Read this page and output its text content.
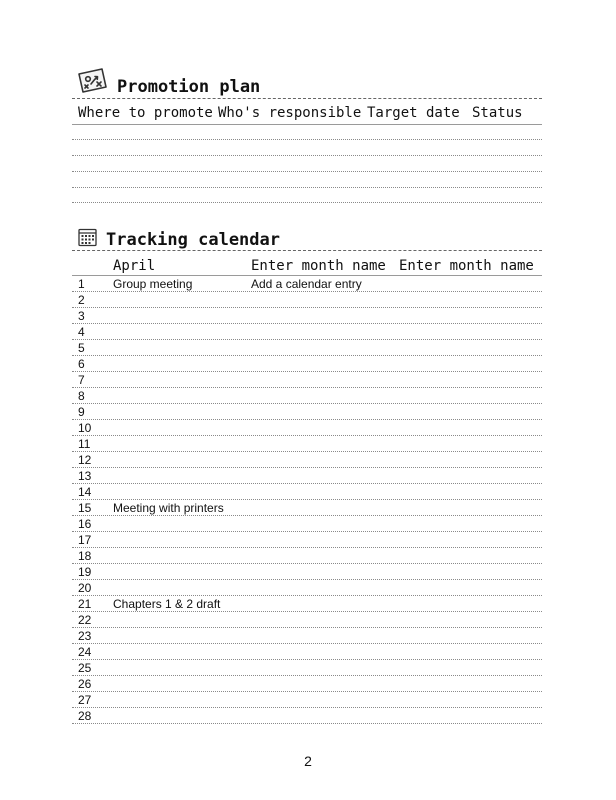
Promotion plan
Where to promote Who's responsible Target date Status
Tracking calendar
April	Enter month name Enter month name
1 Group meeting	Add a calendar entry
2
3
4
5
6
7
8
9
10
11
12
13
14
15 Meeting with printers
16
17
18
19
20
21 Chapters 1 & 2 draft
22
23
24
25
26
27
28
2
